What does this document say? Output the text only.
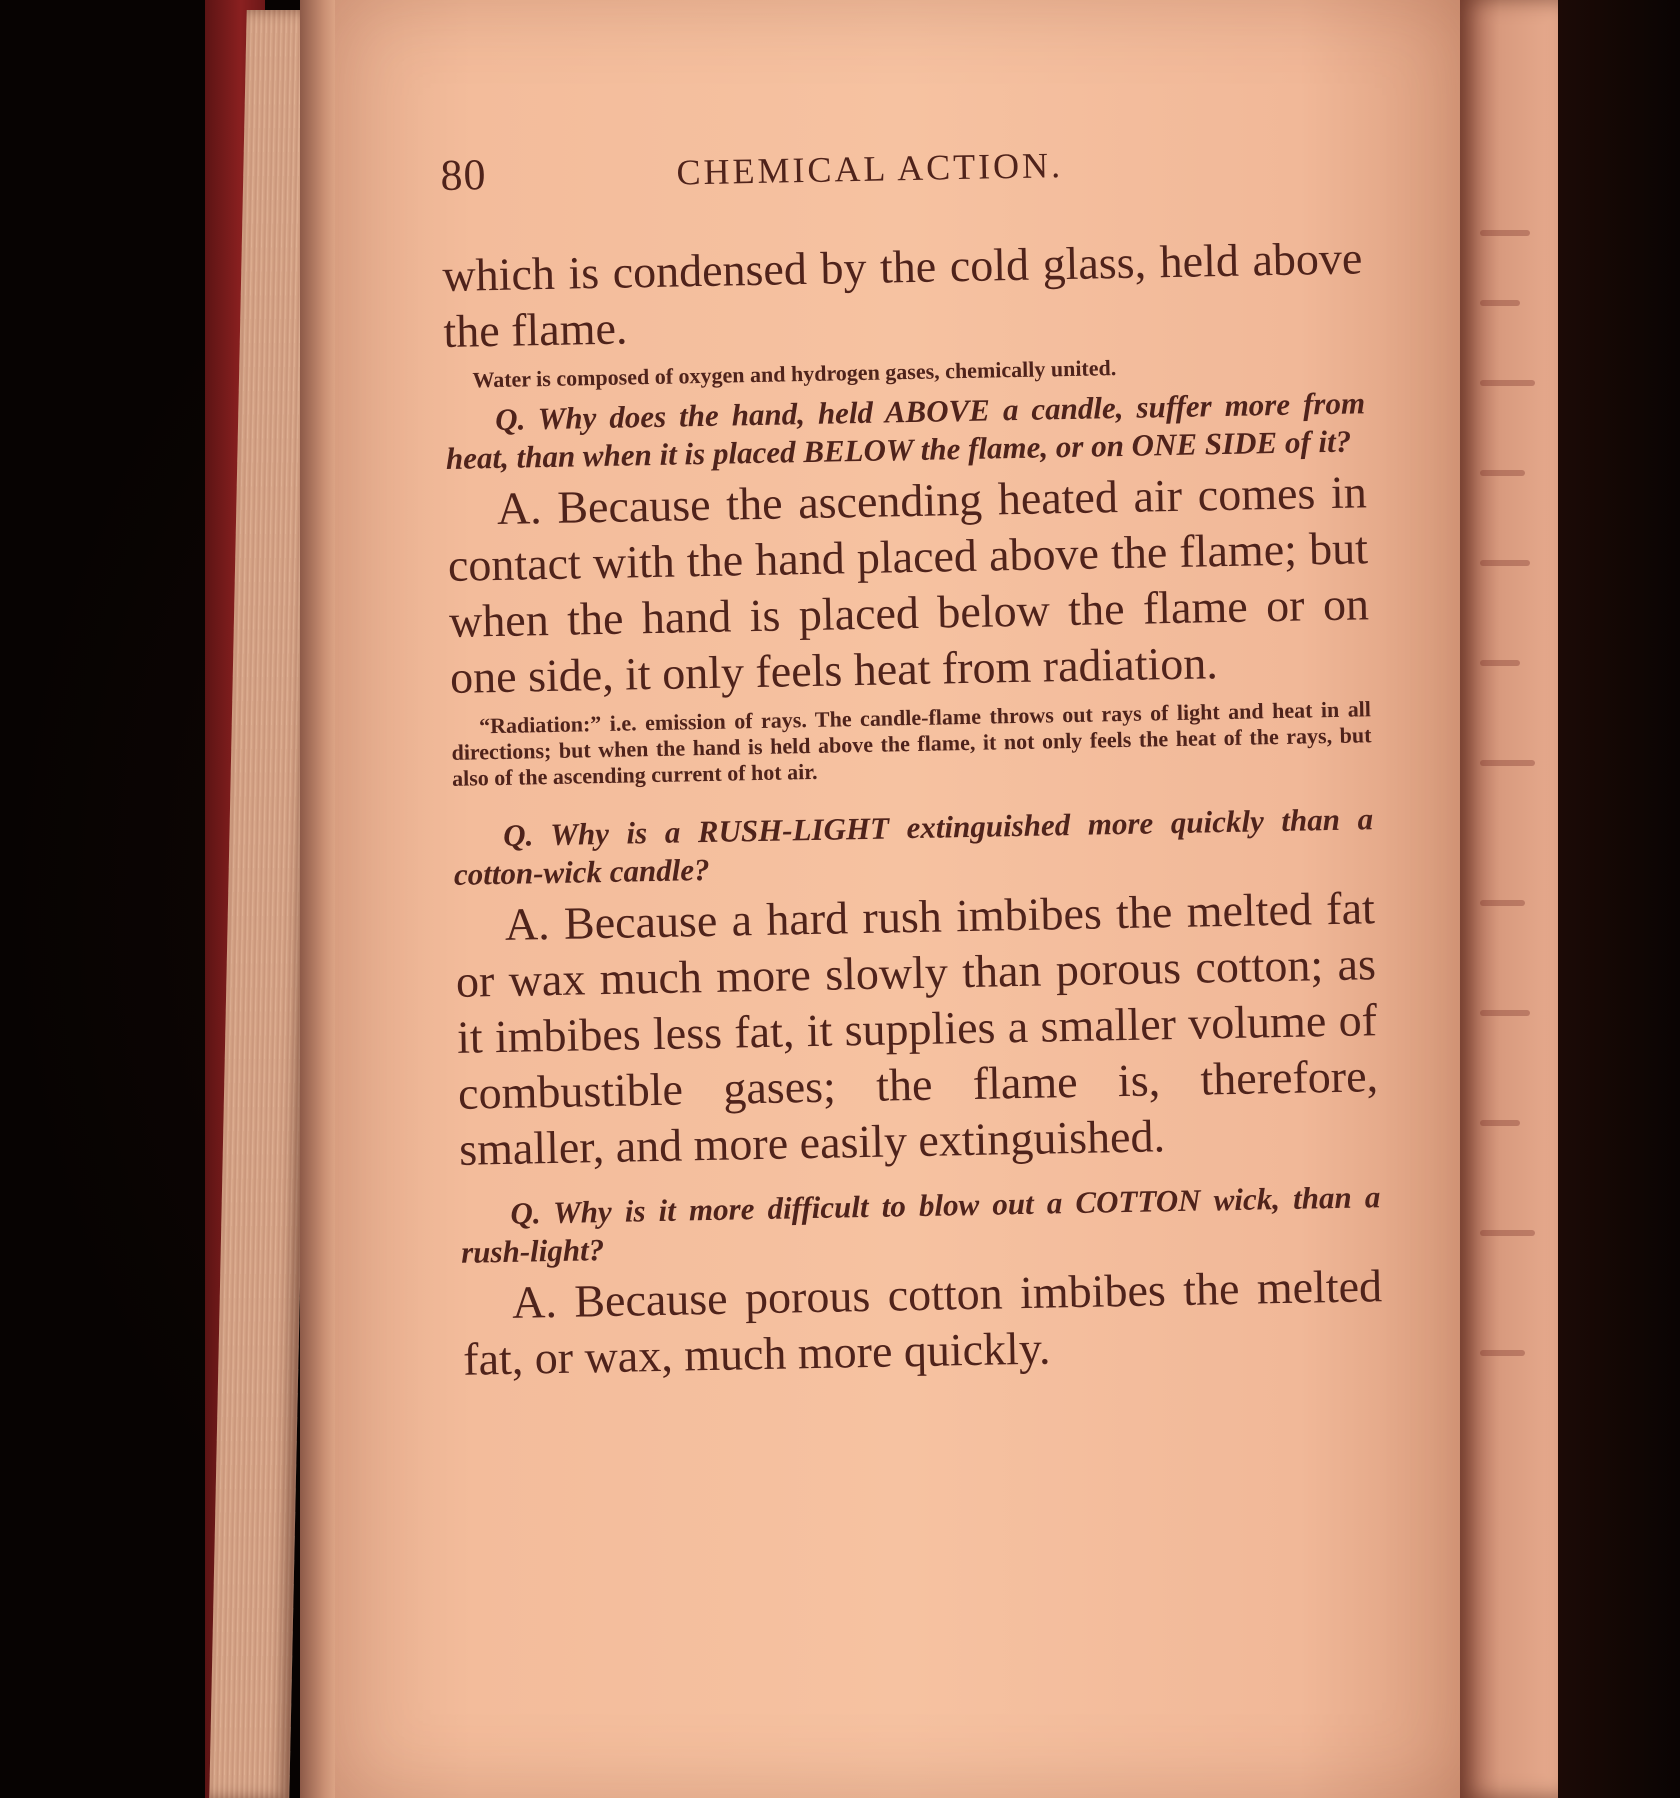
80	CHEMICAL ACTION.

which is condensed by the cold glass, held above the flame.

Water is composed of oxygen and hydrogen gases, chemically united.

Q. Why does the hand, held ABOVE a candle, suffer more from heat, than when it is placed BELOW the flame, or on ONE SIDE of it?

A. Because the ascending heated air comes in contact with the hand placed above the flame; but when the hand is placed below the flame or on one side, it only feels heat from radiation.

“Radiation:” i.e. emission of rays. The candle-flame throws out rays of light and heat in all directions; but when the hand is held above the flame, it not only feels the heat of the rays, but also of the ascending current of hot air.

Q. Why is a RUSH-LIGHT extinguished more quickly than a cotton-wick candle?

A. Because a hard rush imbibes the melted fat or wax much more slowly than porous cotton; as it imbibes less fat, it supplies a smaller volume of combustible gases; the flame is, therefore, smaller, and more easily extinguished.

Q. Why is it more difficult to blow out a COTTON wick, than a rush-light?

A. Because porous cotton imbibes the melted fat, or wax, much more quickly.
